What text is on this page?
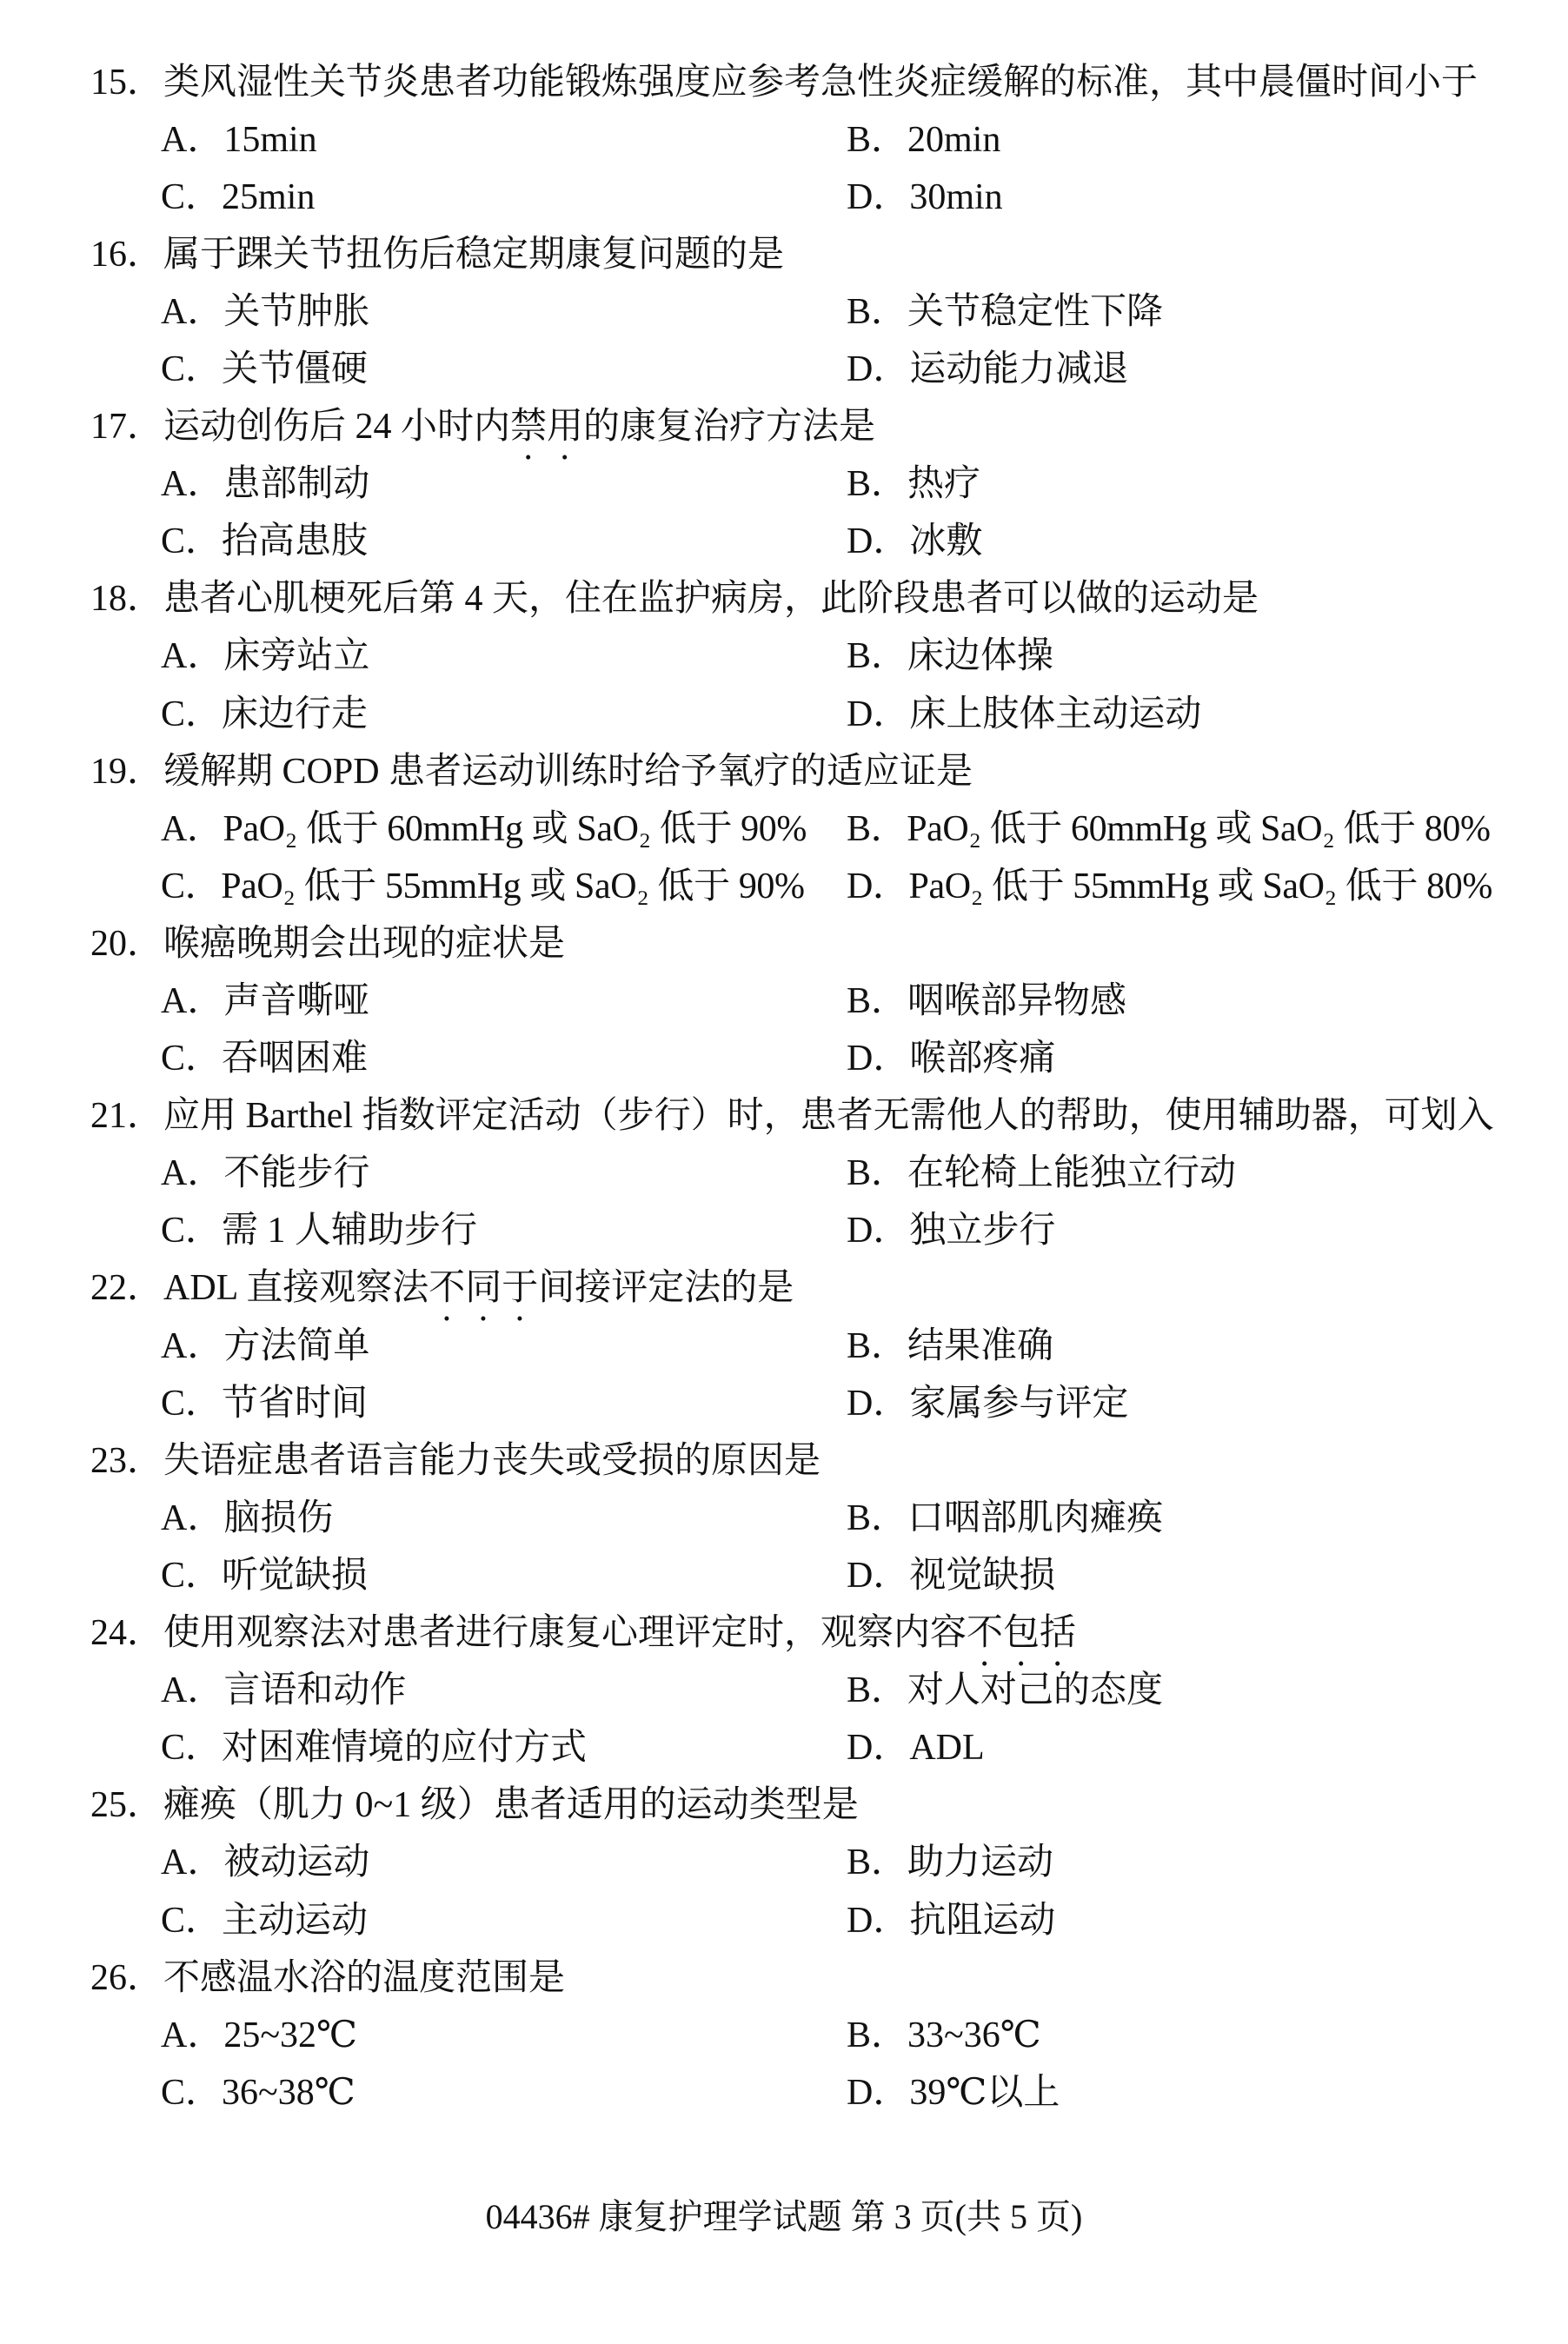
15． 类风湿性关节炎患者功能锻炼强度应参考急性炎症缓解的标准，其中晨僵时间小于
A．15min	B．20min
C．25min	D．30min
16． 属于踝关节扭伤后稳定期康复问题的是
A．关节肿胀	B．关节稳定性下降
C．关节僵硬	D．运动能力减退
17． 运动创伤后 24 小时内禁用的康复治疗方法是
A．患部制动	B．热疗
C．抬高患肢	D．冰敷
18． 患者心肌梗死后第 4 天，住在监护病房，此阶段患者可以做的运动是
A．床旁站立	B．床边体操
C．床边行走	D．床上肢体主动运动
19． 缓解期 COPD 患者运动训练时给予氧疗的适应证是
A．PaO₂ 低于 60mmHg 或 SaO₂ 低于 90% B．PaO₂ 低于 60mmHg 或 SaO₂ 低于 80%
C．PaO₂ 低于 55mmHg 或 SaO₂ 低于 90% D．PaO₂ 低于 55mmHg 或 SaO₂ 低于 80%
20． 喉癌晚期会出现的症状是
A．声音嘶哑	B．咽喉部异物感
C．吞咽困难	D．喉部疼痛
21． 应用 Barthel 指数评定活动（步行）时，患者无需他人的帮助，使用辅助器，可划入
A．不能步行	B．在轮椅上能独立行动
C．需 1 人辅助步行	D．独立步行
22． ADL 直接观察法不同于间接评定法的是
A．方法简单	B．结果准确
C．节省时间	D．家属参与评定
23． 失语症患者语言能力丧失或受损的原因是
A．脑损伤	B．口咽部肌肉瘫痪
C．听觉缺损	D．视觉缺损
24． 使用观察法对患者进行康复心理评定时，观察内容不包括
A．言语和动作	B．对人对己的态度
C．对困难情境的应付方式	D．ADL
25． 瘫痪（肌力 0~1 级）患者适用的运动类型是
A．被动运动	B．助力运动
C．主动运动	D．抗阻运动
26． 不感温水浴的温度范围是
A．25~32℃	B．33~36℃
C．36~38℃	D．39℃以上
04436# 康复护理学试题 第 3 页(共 5 页)
